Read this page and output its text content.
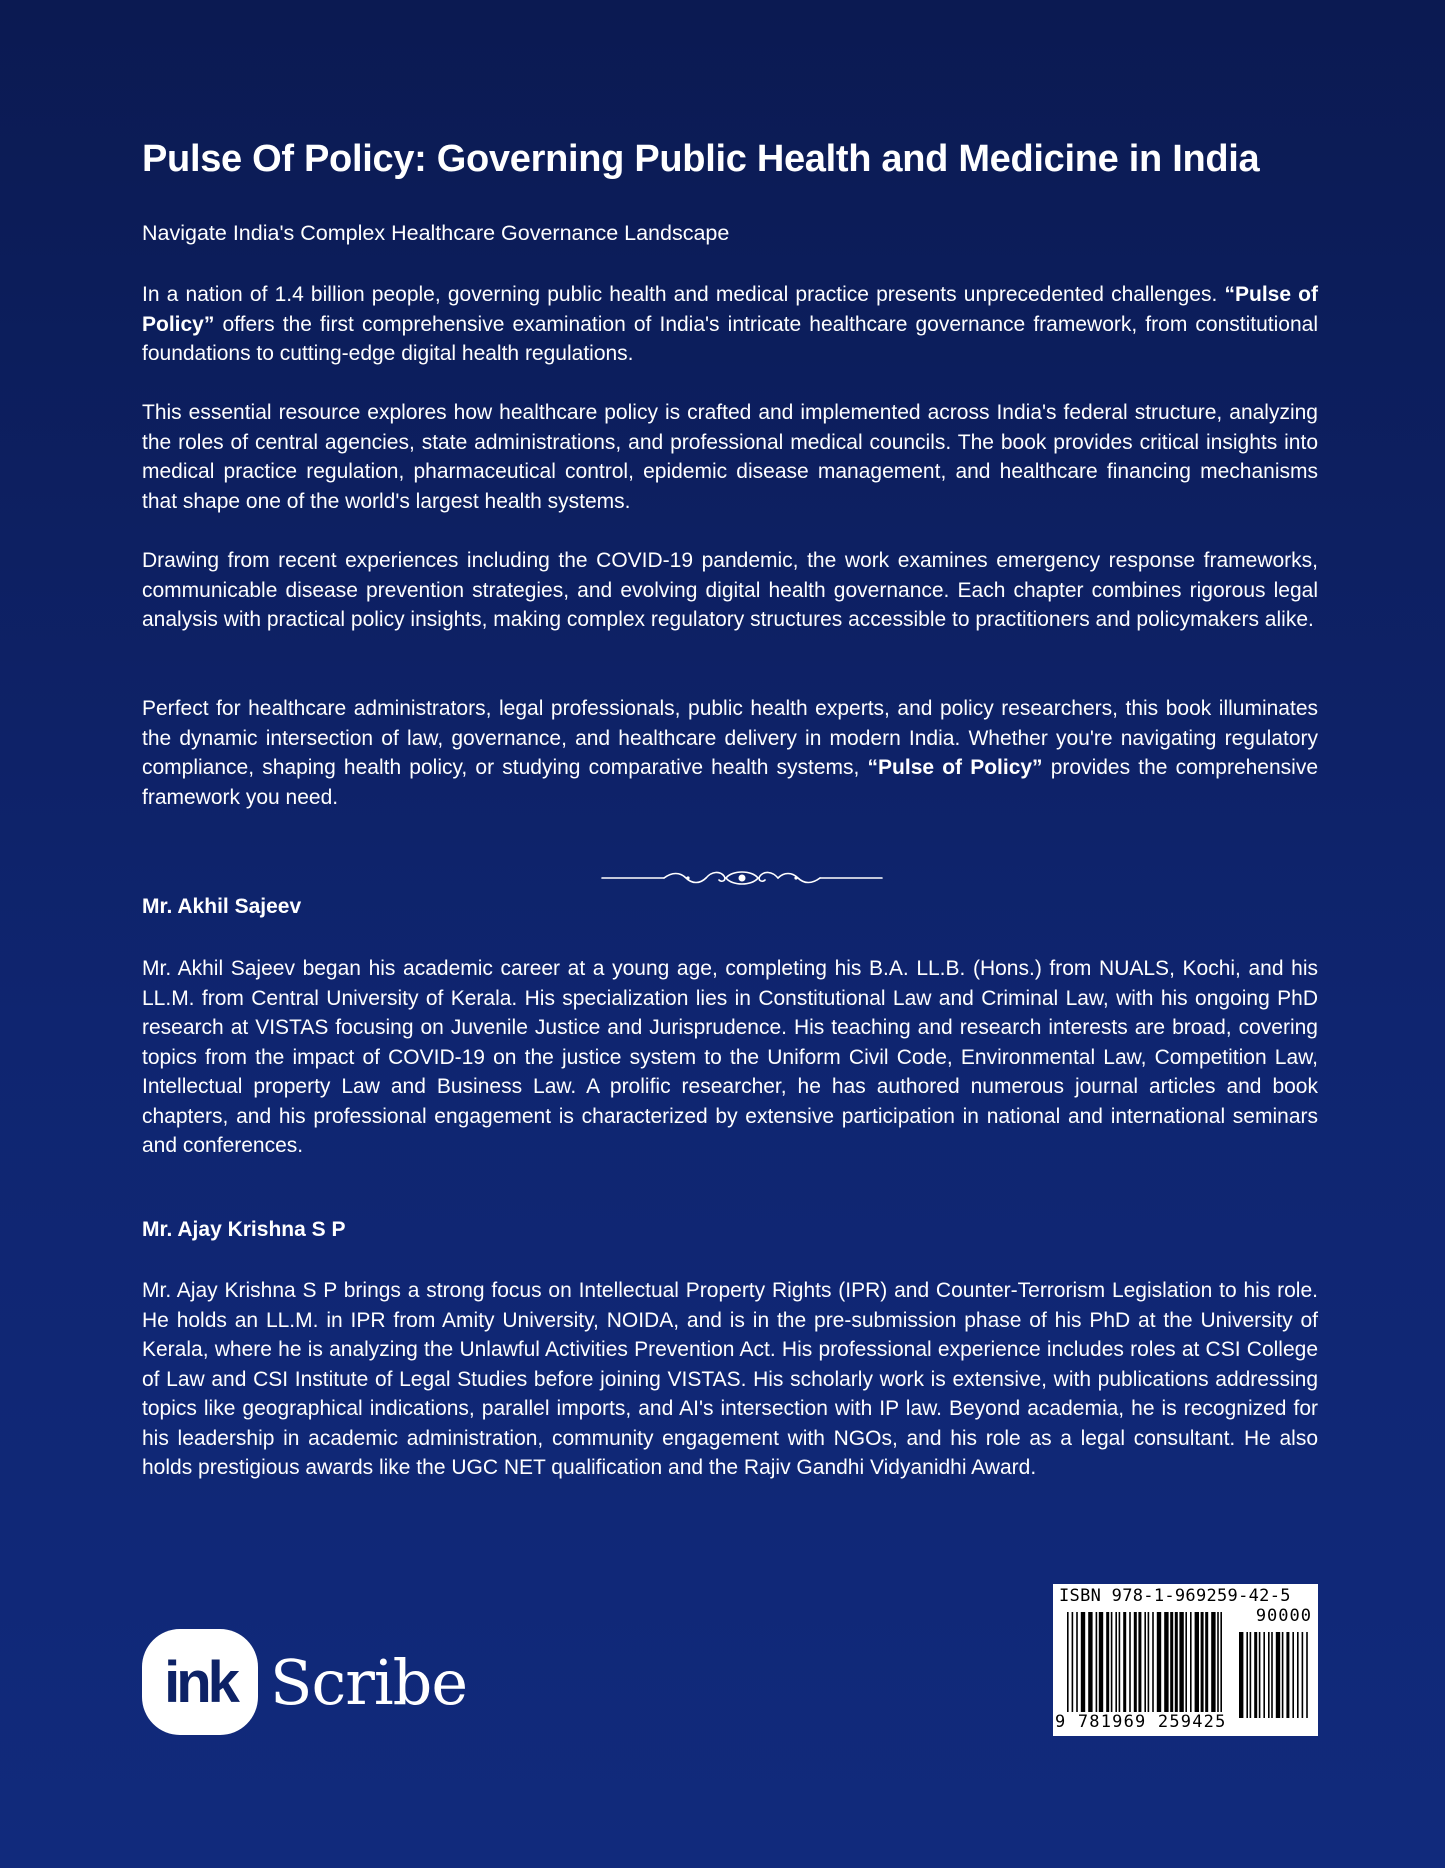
Pulse Of Policy: Governing Public Health and Medicine in India

Navigate India's Complex Healthcare Governance Landscape

In a nation of 1.4 billion people, governing public health and medical practice presents unprecedented challenges. “Pulse of Policy” offers the first comprehensive examination of India's intricate healthcare governance framework, from constitutional foundations to cutting-edge digital health regulations.

This essential resource explores how healthcare policy is crafted and implemented across India's federal structure, analyzing the roles of central agencies, state administrations, and professional medical councils. The book provides critical insights into medical practice regulation, pharmaceutical control, epidemic disease management, and healthcare financing mechanisms that shape one of the world's largest health systems.

Drawing from recent experiences including the COVID-19 pandemic, the work examines emergency response frameworks, communicable disease prevention strategies, and evolving digital health governance. Each chapter combines rigorous legal analysis with practical policy insights, making complex regulatory structures accessible to practitioners and policymakers alike.

Perfect for healthcare administrators, legal professionals, public health experts, and policy researchers, this book illuminates the dynamic intersection of law, governance, and healthcare delivery in modern India. Whether you're navigating regulatory compliance, shaping health policy, or studying comparative health systems, “Pulse of Policy” provides the comprehensive framework you need.

Mr. Akhil Sajeev

Mr. Akhil Sajeev began his academic career at a young age, completing his B.A. LL.B. (Hons.) from NUALS, Kochi, and his LL.M. from Central University of Kerala. His specialization lies in Constitutional Law and Criminal Law, with his ongoing PhD research at VISTAS focusing on Juvenile Justice and Jurisprudence. His teaching and research interests are broad, covering topics from the impact of COVID-19 on the justice system to the Uniform Civil Code, Environmental Law, Competition Law, Intellectual property Law and Business Law. A prolific researcher, he has authored numerous journal articles and book chapters, and his professional engagement is characterized by extensive participation in national and international seminars and conferences.

Mr. Ajay Krishna S P

Mr. Ajay Krishna S P brings a strong focus on Intellectual Property Rights (IPR) and Counter-Terrorism Legislation to his role. He holds an LL.M. in IPR from Amity University, NOIDA, and is in the pre-submission phase of his PhD at the University of Kerala, where he is analyzing the Unlawful Activities Prevention Act. His professional experience includes roles at CSI College of Law and CSI Institute of Legal Studies before joining VISTAS. His scholarly work is extensive, with publications addressing topics like geographical indications, parallel imports, and AI's intersection with IP law. Beyond academia, he is recognized for his leadership in academic administration, community engagement with NGOs, and his role as a legal consultant. He also holds prestigious awards like the UGC NET qualification and the Rajiv Gandhi Vidyanidhi Award.

ink Scribe
ISBN 978-1-969259-42-5
90000
9 781969 259425
